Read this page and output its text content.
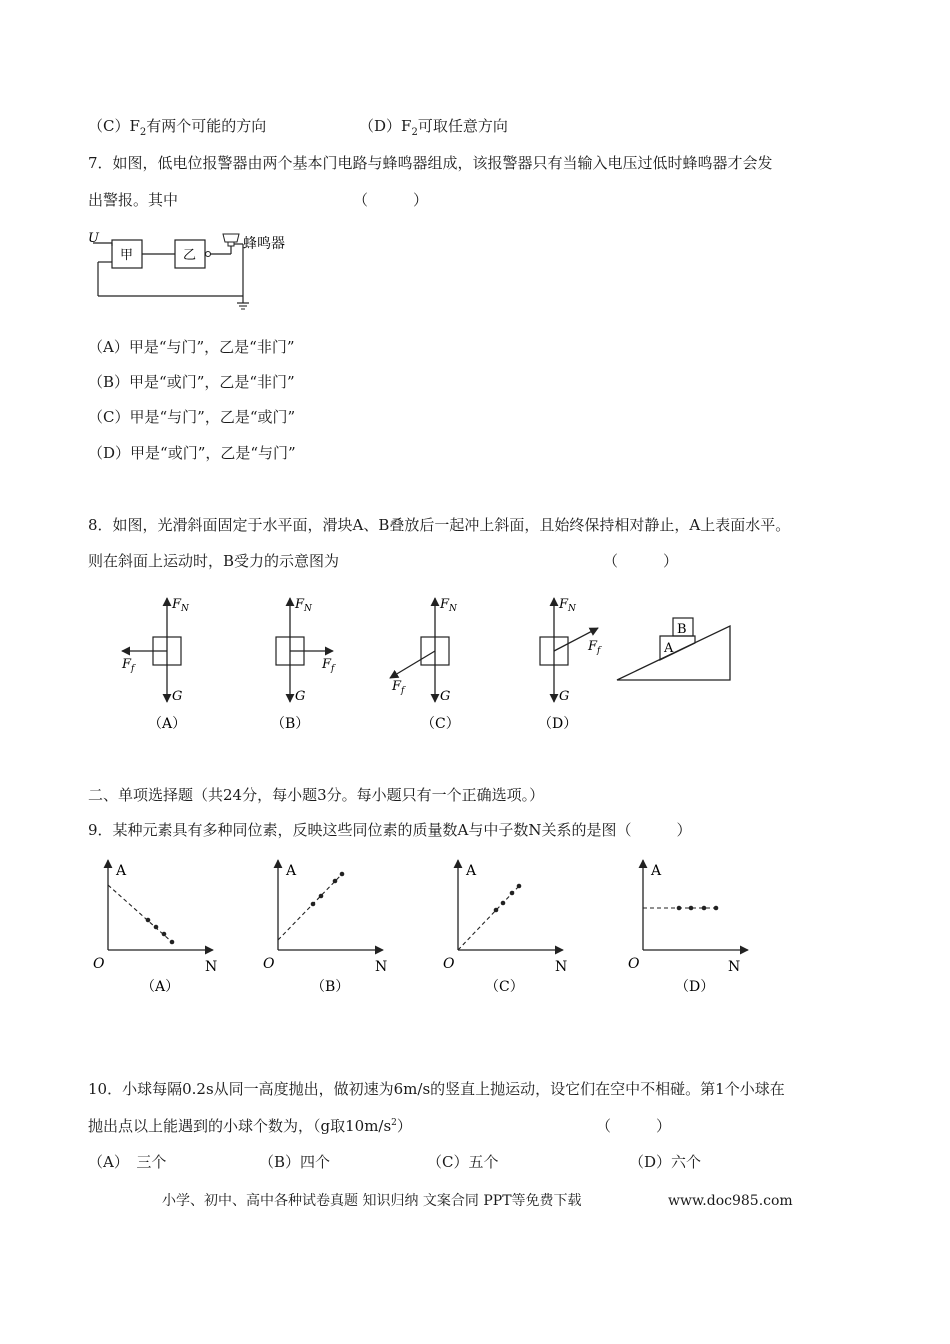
$(C)F_2$有两个可能的方向	$(D)F_2$可取任意方向
7．如图，低电位报警器由两个基本门电路与蜂鸣器组成，该报警器只有当输入电压过低时蜂鸣器才会发
出警报。其中	（　　　）
U
甲	乙
蜂鸣器
（A）甲是“与门”，乙是“非门”
（B）甲是“或门”，乙是“非门”
（C）甲是“与门”，乙是“或门”
（D）甲是“或门”，乙是“与门”
8．如图，光滑斜面固定于水平面，滑块A、B叠放后一起冲上斜面，且始终保持相对静止，A上表面水平。
则在斜面上运动时，B受力的示意图为	（　　　）
$F_N$
$F_f$
G
（A）
$F_N$
$F_f$
G
（B）
$F_N$
$F_f$	G
（C）
$F_N$
$F_f$
G
（D）
B
A
二、单项选择题（共24分，每小题3分。每小题只有一个正确选项。）
9．某种元素具有多种同位素，反映这些同位素的质量数A与中子数N关系的是图（　　　）
A
N
O
（A）
A
N
O
（B）
A
N
O
（C）
A
N
O
（D）
10．小球每隔0.2s从同一高度抛出，做初速为6m/s的竖直上抛运动，设它们在空中不相碰。第1个小球在
抛出点以上能遇到的小球个数为，（g取$10m/s^2$）	（　　　）
（A）　三个	（B）四个	（C）五个	（D）六个
小学、初中、高中各种试卷真题 知识归纳 文案合同 PPT等免费下载	www.doc985.com
